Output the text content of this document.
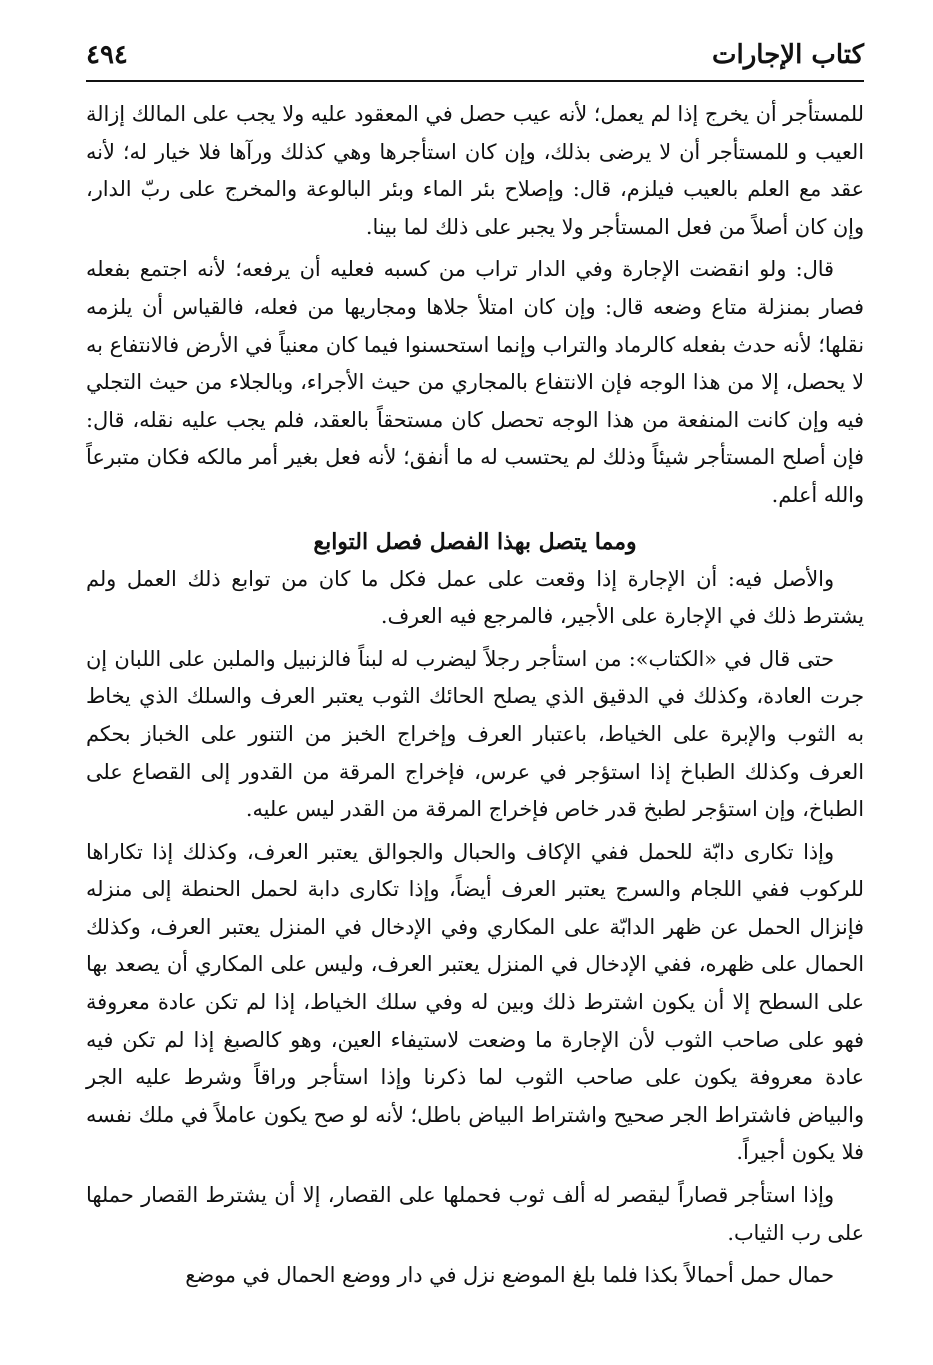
كتاب الإجارات
٤٩٤

للمستأجر أن يخرج إذا لم يعمل؛ لأنه عيب حصل في المعقود عليه ولا يجب على المالك إزالة العيب و للمستأجر أن لا يرضى بذلك، وإن كان استأجرها وهي كذلك ورآها فلا خيار له؛ لأنه عقد مع العلم بالعيب فيلزم، قال: وإصلاح بئر الماء وبئر البالوعة والمخرج على ربّ الدار، وإن كان أصلاً من فعل المستأجر ولا يجبر على ذلك لما بينا.

قال: ولو انقضت الإجارة وفي الدار تراب من كسبه فعليه أن يرفعه؛ لأنه اجتمع بفعله فصار بمنزلة متاع وضعه قال: وإن كان امتلأ جلاها ومجاريها من فعله، فالقياس أن يلزمه نقلها؛ لأنه حدث بفعله كالرماد والتراب وإنما استحسنوا فيما كان معنياً في الأرض فالانتفاع به لا يحصل، إلا من هذا الوجه فإن الانتفاع بالمجاري من حيث الأجراء، وبالجلاء من حيث التجلي فيه وإن كانت المنفعة من هذا الوجه تحصل كان مستحقاً بالعقد، فلم يجب عليه نقله، قال: فإن أصلح المستأجر شيئاً وذلك لم يحتسب له ما أنفق؛ لأنه فعل بغير أمر مالكه فكان متبرعاً والله أعلم.

ومما يتصل بهذا الفصل فصل التوابع

والأصل فيه: أن الإجارة إذا وقعت على عمل فكل ما كان من توابع ذلك العمل ولم يشترط ذلك في الإجارة على الأجير، فالمرجع فيه العرف.

حتى قال في «الكتاب»: من استأجر رجلاً ليضرب له لبناً فالزنبيل والملبن على اللبان إن جرت العادة، وكذلك في الدقيق الذي يصلح الحائك الثوب يعتبر العرف والسلك الذي يخاط به الثوب والإبرة على الخياط، باعتبار العرف وإخراج الخبز من التنور على الخباز بحكم العرف وكذلك الطباخ إذا استؤجر في عرس، فإخراج المرقة من القدور إلى القصاع على الطباخ، وإن استؤجر لطبخ قدر خاص فإخراج المرقة من القدر ليس عليه.

وإذا تكارى دابّة للحمل ففي الإكاف والحبال والجوالق يعتبر العرف، وكذلك إذا تكاراها للركوب ففي اللجام والسرج يعتبر العرف أيضاً، وإذا تكارى دابة لحمل الحنطة إلى منزله فإنزال الحمل عن ظهر الدابّة على المكاري وفي الإدخال في المنزل يعتبر العرف، وكذلك الحمال على ظهره، ففي الإدخال في المنزل يعتبر العرف، وليس على المكاري أن يصعد بها على السطح إلا أن يكون اشترط ذلك وبين له وفي سلك الخياط، إذا لم تكن عادة معروفة فهو على صاحب الثوب لأن الإجارة ما وضعت لاستيفاء العين، وهو كالصبغ إذا لم تكن فيه عادة معروفة يكون على صاحب الثوب لما ذكرنا وإذا استأجر وراقاً وشرط عليه الجر والبياض فاشتراط الجر صحيح واشتراط البياض باطل؛ لأنه لو صح يكون عاملاً في ملك نفسه فلا يكون أجيراً.

وإذا استأجر قصاراً ليقصر له ألف ثوب فحملها على القصار، إلا أن يشترط القصار حملها على رب الثياب.

حمال حمل أحمالاً بكذا فلما بلغ الموضع نزل في دار ووضع الحمال في موضع
